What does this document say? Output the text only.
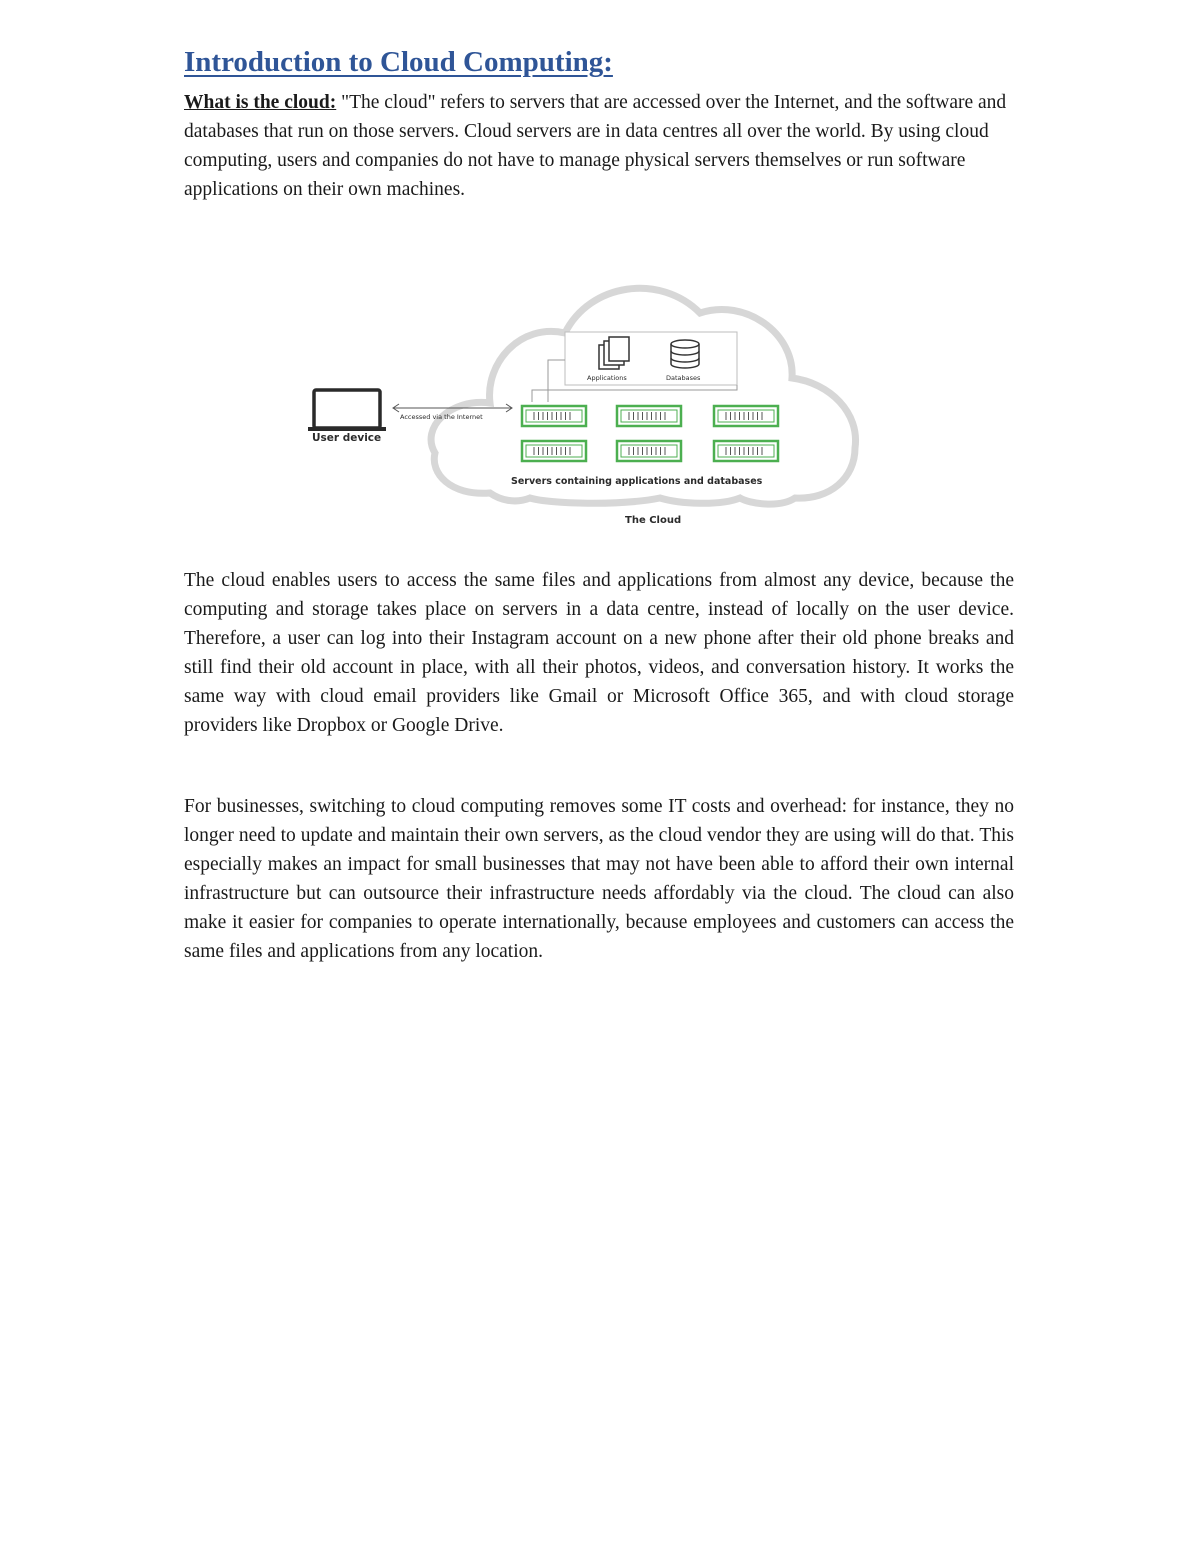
Introduction to Cloud Computing:

What is the cloud: "The cloud" refers to servers that are accessed over the Internet, and the software and databases that run on those servers. Cloud servers are in data centres all over the world. By using cloud computing, users and companies do not have to manage physical servers themselves or run software applications on their own machines.

User device
Accessed via the Internet
Applications	Databases
Servers containing applications and databases
The Cloud

The cloud enables users to access the same files and applications from almost any device, because the computing and storage takes place on servers in a data centre, instead of locally on the user device. Therefore, a user can log into their Instagram account on a new phone after their old phone breaks and still find their old account in place, with all their photos, videos, and conversation history. It works the same way with cloud email providers like Gmail or Microsoft Office 365, and with cloud storage providers like Dropbox or Google Drive.

For businesses, switching to cloud computing removes some IT costs and overhead: for instance, they no longer need to update and maintain their own servers, as the cloud vendor they are using will do that. This especially makes an impact for small businesses that may not have been able to afford their own internal infrastructure but can outsource their infrastructure needs affordably via the cloud. The cloud can also make it easier for companies to operate internationally, because employees and customers can access the same files and applications from any location.
